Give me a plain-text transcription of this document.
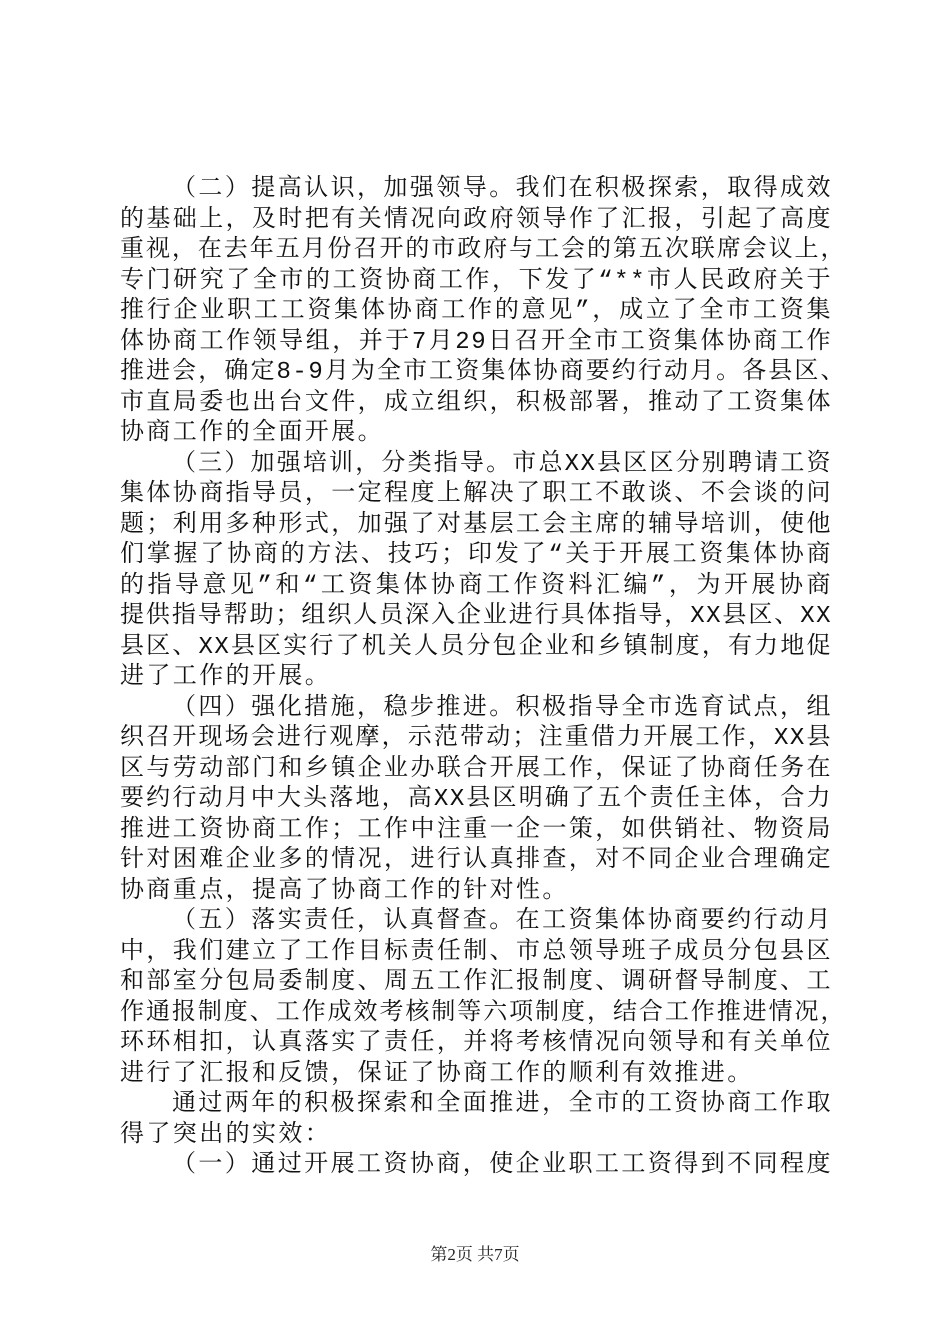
（二）提高认识，加强领导。我们在积极探索，取得成效
的基础上，及时把有关情况向政府领导作了汇报，引起了高度
重视，在去年五月份召开的市政府与工会的第五次联席会议上，
专门研究了全市的工资协商工作，下发了“**市人民政府关于
推行企业职工工资集体协商工作的意见”，成立了全市工资集
体协商工作领导组，并于7月29日召开全市工资集体协商工作
推进会，确定8-9月为全市工资集体协商要约行动月。各县区、
市直局委也出台文件，成立组织，积极部署，推动了工资集体
协商工作的全面开展。
（三）加强培训，分类指导。市总XX县区区分别聘请工资
集体协商指导员，一定程度上解决了职工不敢谈、不会谈的问
题；利用多种形式，加强了对基层工会主席的辅导培训，使他
们掌握了协商的方法、技巧；印发了“关于开展工资集体协商
的指导意见”和“工资集体协商工作资料汇编”，为开展协商
提供指导帮助；组织人员深入企业进行具体指导，XX县区、XX
县区、XX县区实行了机关人员分包企业和乡镇制度，有力地促
进了工作的开展。
（四）强化措施，稳步推进。积极指导全市选育试点，组
织召开现场会进行观摩，示范带动；注重借力开展工作，XX县
区与劳动部门和乡镇企业办联合开展工作，保证了协商任务在
要约行动月中大头落地，高XX县区明确了五个责任主体，合力
推进工资协商工作；工作中注重一企一策，如供销社、物资局
针对困难企业多的情况，进行认真排查，对不同企业合理确定
协商重点，提高了协商工作的针对性。
（五）落实责任，认真督查。在工资集体协商要约行动月
中，我们建立了工作目标责任制、市总领导班子成员分包县区
和部室分包局委制度、周五工作汇报制度、调研督导制度、工
作通报制度、工作成效考核制等六项制度，结合工作推进情况，
环环相扣，认真落实了责任，并将考核情况向领导和有关单位
进行了汇报和反馈，保证了协商工作的顺利有效推进。
通过两年的积极探索和全面推进，全市的工资协商工作取
得了突出的实效：
（一）通过开展工资协商，使企业职工工资得到不同程度
第2页 共7页
